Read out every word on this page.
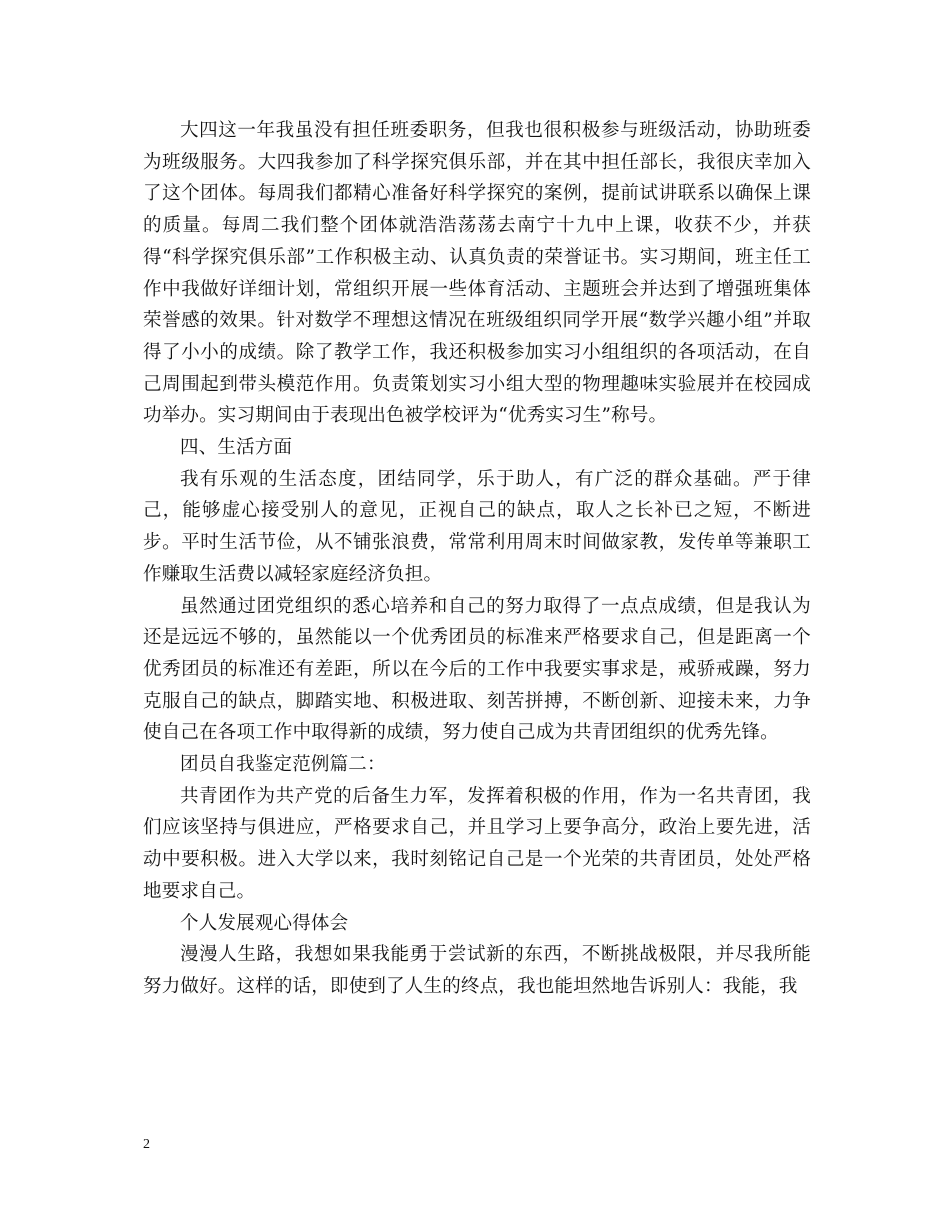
大四这一年我虽没有担任班委职务，但我也很积极参与班级活动，协助班委为班级服务。大四我参加了科学探究俱乐部，并在其中担任部长，我很庆幸加入了这个团体。每周我们都精心准备好科学探究的案例，提前试讲联系以确保上课的质量。每周二我们整个团体就浩浩荡荡去南宁十九中上课，收获不少，并获得“科学探究俱乐部”工作积极主动、认真负责的荣誉证书。实习期间，班主任工作中我做好详细计划，常组织开展一些体育活动、主题班会并达到了增强班集体荣誉感的效果。针对数学不理想这情况在班级组织同学开展“数学兴趣小组”并取得了小小的成绩。除了教学工作，我还积极参加实习小组组织的各项活动，在自己周围起到带头模范作用。负责策划实习小组大型的物理趣味实验展并在校园成功举办。实习期间由于表现出色被学校评为“优秀实习生”称号。

四、生活方面

我有乐观的生活态度，团结同学，乐于助人，有广泛的群众基础。严于律己，能够虚心接受别人的意见，正视自己的缺点，取人之长补已之短，不断进步。平时生活节俭，从不铺张浪费，常常利用周末时间做家教，发传单等兼职工作赚取生活费以减轻家庭经济负担。

虽然通过团党组织的悉心培养和自己的努力取得了一点点成绩，但是我认为还是远远不够的，虽然能以一个优秀团员的标准来严格要求自己，但是距离一个优秀团员的标准还有差距，所以在今后的工作中我要实事求是，戒骄戒躁，努力克服自己的缺点，脚踏实地、积极进取、刻苦拼搏，不断创新、迎接未来，力争使自己在各项工作中取得新的成绩，努力使自己成为共青团组织的优秀先锋。

团员自我鉴定范例篇二：

共青团作为共产党的后备生力军，发挥着积极的作用，作为一名共青团，我们应该坚持与俱进应，严格要求自己，并且学习上要争高分，政治上要先进，活动中要积极。进入大学以来，我时刻铭记自己是一个光荣的共青团员，处处严格地要求自己。

个人发展观心得体会

漫漫人生路，我想如果我能勇于尝试新的东西，不断挑战极限，并尽我所能努力做好。这样的话，即使到了人生的终点，我也能坦然地告诉别人：我能，我

2
